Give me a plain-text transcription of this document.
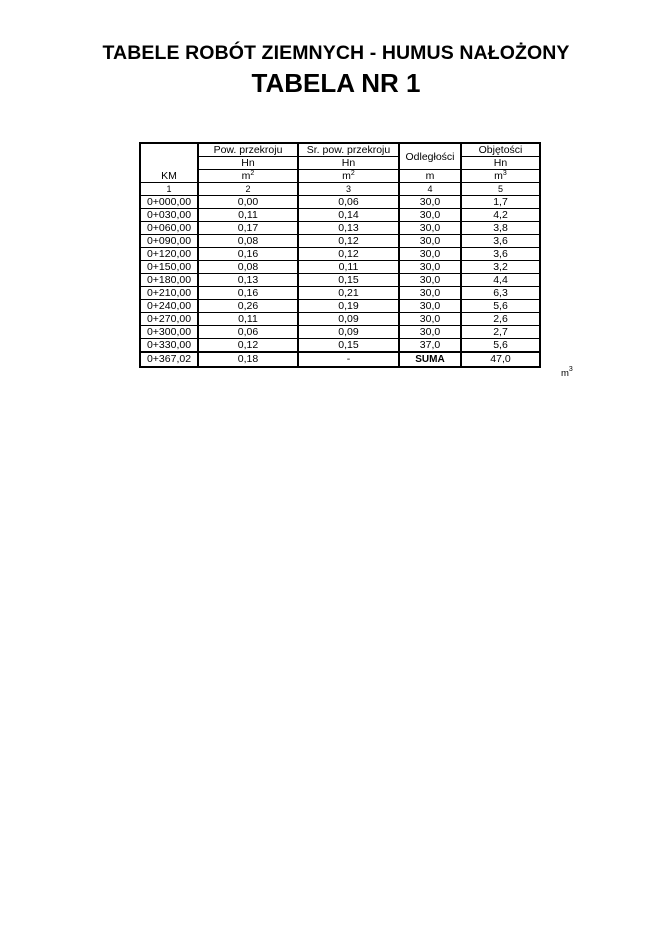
TABELE ROBÓT ZIEMNYCH - HUMUS NAŁOŻONY
TABELA NR 1
KM	Pow. przekroju	Sr. pow. przekroju	Odległości	Objętości
	Hn	Hn		Hn
	$m^2$	$m^2$	m	$m^3$
1	2	3	4	5
0+000,00	0,00	0,06	30,0	1,7
0+030,00	0,11	0,14	30,0	4,2
0+060,00	0,17	0,13	30,0	3,8
0+090,00	0,08	0,12	30,0	3,6
0+120,00	0,16	0,12	30,0	3,6
0+150,00	0,08	0,11	30,0	3,2
0+180,00	0,13	0,15	30,0	4,4
0+210,00	0,16	0,21	30,0	6,3
0+240,00	0,26	0,19	30,0	5,6
0+270,00	0,11	0,09	30,0	2,6
0+300,00	0,06	0,09	30,0	2,7
0+330,00	0,12	0,15	37,0	5,6
0+367,02	0,18	-	SUMA	47,0
$m^3$
